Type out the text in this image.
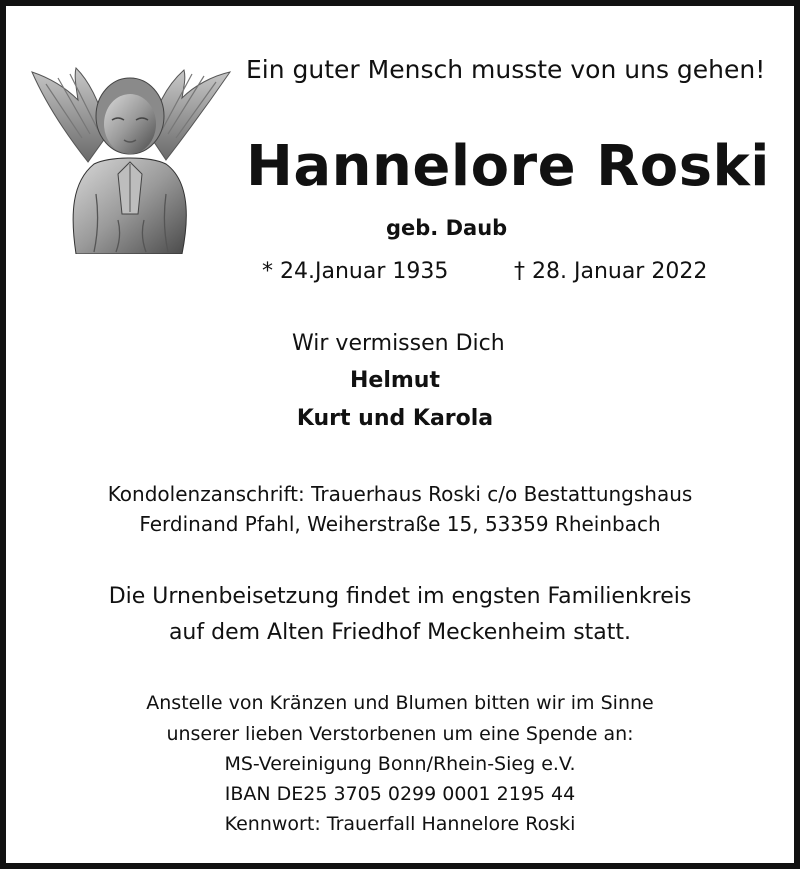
Ein guter Mensch musste von uns gehen!
Hannelore Roski
geb. Daub
* 24.Januar 1935	† 28. Januar 2022
Wir vermissen Dich
Helmut
Kurt und Karola
Kondolenzanschrift: Trauerhaus Roski c/o Bestattungshaus
Ferdinand Pfahl, Weiherstraße 15, 53359 Rheinbach
Die Urnenbeisetzung findet im engsten Familienkreis
auf dem Alten Friedhof Meckenheim statt.
Anstelle von Kränzen und Blumen bitten wir im Sinne
unserer lieben Verstorbenen um eine Spende an:
MS-Vereinigung Bonn/Rhein-Sieg e.V.
IBAN DE25 3705 0299 0001 2195 44
Kennwort: Trauerfall Hannelore Roski
